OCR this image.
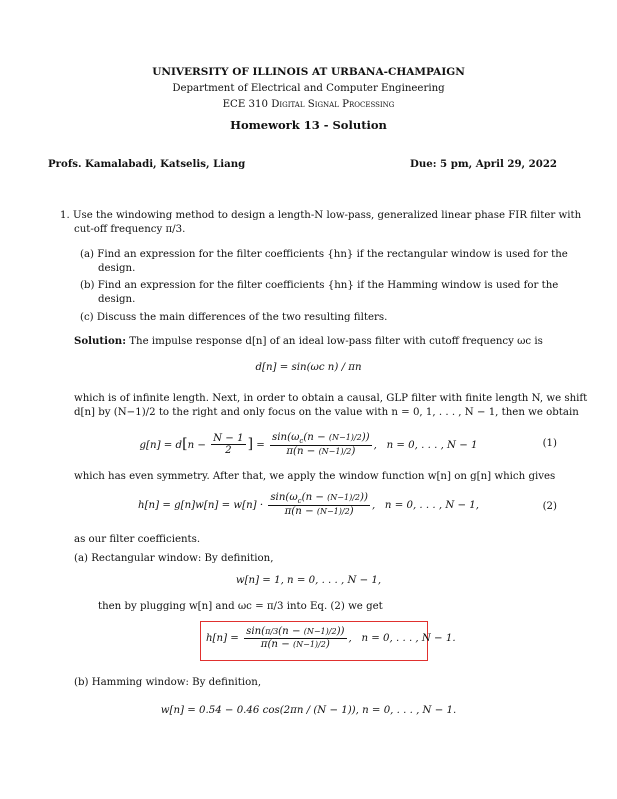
UNIVERSITY OF ILLINOIS AT URBANA-CHAMPAIGN
Department of Electrical and Computer Engineering
ECE 310 Digital Signal Processing
Homework 13 - Solution
Profs. Kamalabadi, Katselis, Liang	Due: 5 pm, April 29, 2022
1. Use the windowing method to design a length-N low-pass, generalized linear phase FIR filter with
cut-off frequency π/3.
(a) Find an expression for the filter coefficients {hn} if the rectangular window is used for the
design.
(b) Find an expression for the filter coefficients {hn} if the Hamming window is used for the
design.
(c) Discuss the main differences of the two resulting filters.
Solution: The impulse response d[n] of an ideal low-pass filter with cutoff frequency ωc is
d[n] = sin(ωc n) / πn
which is of infinite length. Next, in order to obtain a causal, GLP filter with finite length N, we shift
d[n] by (N−1)/2 to the right and only focus on the value with n = 0, 1, . . . , N − 1, then we obtain
$g[n] = d[n - \frac{N - 1}{2}$ ] = $\frac{\sin(\omega_c(n - (N-1)/2))}{\pi(n - (N-1)/2)}$ ,   n = 0, . . . , N − 1	(1)
which has even symmetry. After that, we apply the window function w[n] on g[n] which gives
$h[n] = g[n]w[n] = w[n] \cdot \frac{\sin(\omega_c(n - (N-1)/2))}{\pi(n - (N-1)/2)}$ ,   n = 0, . . . , N − 1,	(2)
as our filter coefficients.
(a) Rectangular window: By definition,
w[n] = 1, n = 0, . . . , N − 1,
then by plugging w[n] and ωc = π/3 into Eq. (2) we get
$h[n] = \frac{\sin(\pi/3(n - (N-1)/2))}{\pi(n - (N-1)/2)}$ ,   n = 0, . . . , N − 1.
(b) Hamming window: By definition,
w[n] = 0.54 − 0.46 cos(2πn / (N − 1)), n = 0, . . . , N − 1.
